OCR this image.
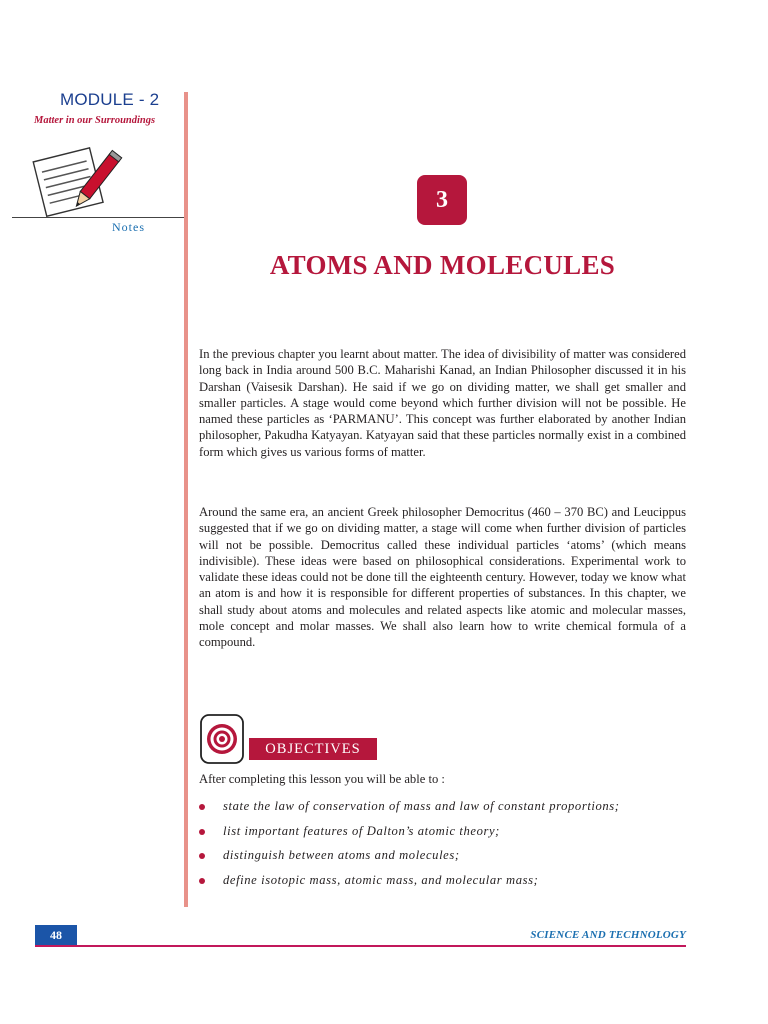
MODULE - 2
Matter in our Surroundings
Notes
3
ATOMS AND MOLECULES

In the previous chapter you learnt about matter. The idea of divisibility of matter was considered long back in India around 500 B.C. Maharishi Kanad, an Indian Philosopher discussed it in his Darshan (Vaisesik Darshan). He said if we go on dividing matter, we shall get smaller and smaller particles. A stage would come beyond which further division will not be possible. He named these particles as ‘PARMANU’. This concept was further elaborated by another Indian philosopher, Pakudha Katyayan. Katyayan said that these particles normally exist in a combined form which gives us various forms of matter.

Around the same era, an ancient Greek philosopher Democritus (460 – 370 BC) and Leucippus suggested that if we go on dividing matter, a stage will come when further division of particles will not be possible. Democritus called these individual particles ‘atoms’ (which means indivisible). These ideas were based on philosophical considerations. Experimental work to validate these ideas could not be done till the eighteenth century. However, today we know what an atom is and how it is responsible for different properties of substances. In this chapter, we shall study about atoms and molecules and related aspects like atomic and molecular masses, mole concept and molar masses. We shall also learn how to write chemical formula of a compound.

OBJECTIVES
After completing this lesson you will be able to :
state the law of conservation of mass and law of constant proportions;
list important features of Dalton’s atomic theory;
distinguish between atoms and molecules;
define isotopic mass, atomic mass, and molecular mass;
48	SCIENCE AND TECHNOLOGY
